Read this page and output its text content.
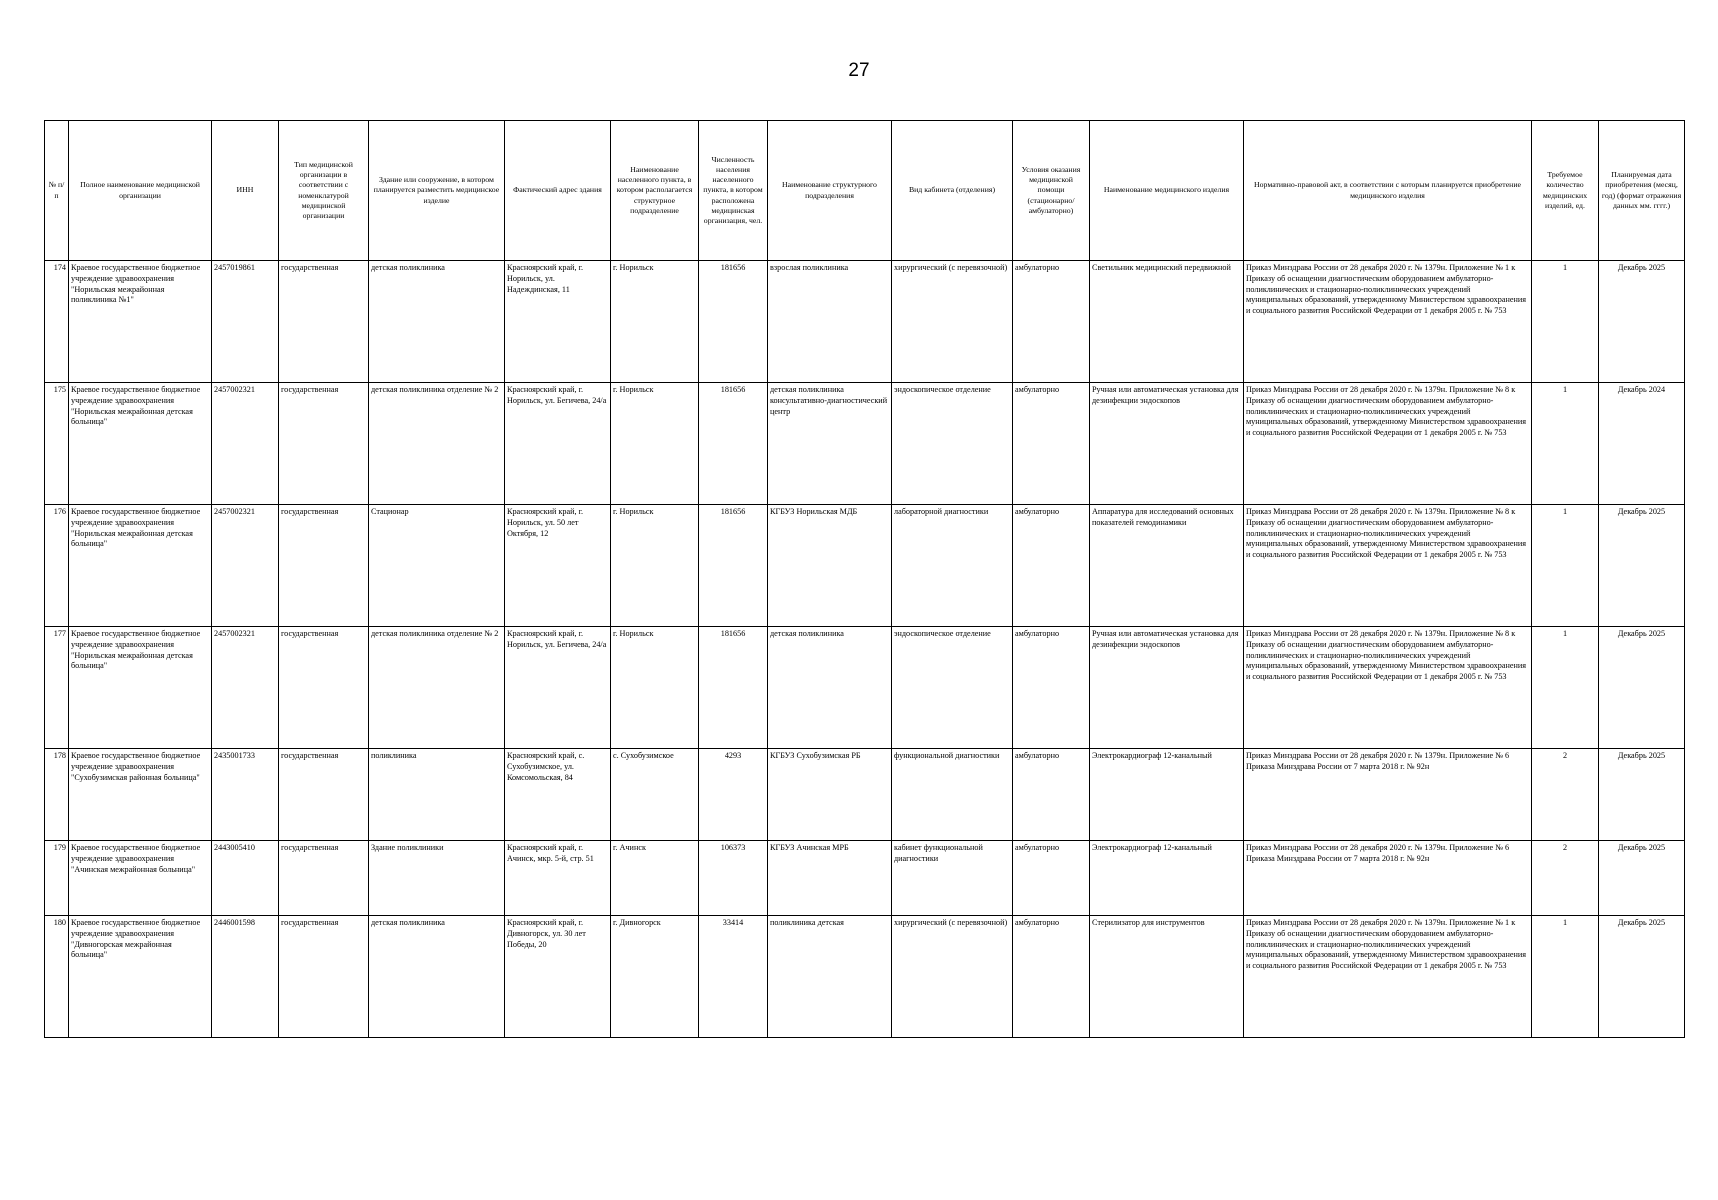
27
№ п/п	Полное наименование медицинской организации	ИНН	Тип медицинской организации в соответствии с номенклатурой медицинской организации	Здание или сооружение, в котором планируется разместить медицинское изделие	Фактический адрес здания	Наименование населенного пункта, в котором располагается структурное подразделение	Численность населения населенного пункта, в котором расположена медицинская организация, чел.	Наименование структурного подразделения	Вид кабинета (отделения)	Условия оказания медицинской помощи (стационарно/ амбулаторно)	Наименование медицинского изделия	Нормативно-правовой акт, в соответствии с которым планируется приобретение медицинского изделия	Требуемое количество медицинских изделий, ед.	Планируемая дата приобретения (месяц, год) (формат отражения данных мм. гггг.)
174	Краевое государственное бюджетное учреждение здравоохранения "Норильская межрайонная поликлиника №1"	2457019861	государственная	детская поликлиника	Красноярский край, г. Норильск, ул. Надеждинская, 11	г. Норильск	181656	взрослая поликлиника	хирургический (с перевязочной)	амбулаторно	Светильник медицинский передвижной	Приказ Минздрава России от 28 декабря 2020 г. № 1379н. Приложение № 1 к Приказу об оснащении диагностическим оборудованием амбулаторно-поликлинических и стационарно-поликлинических учреждений муниципальных образований, утвержденному Министерством здравоохранения и социального развития Российской Федерации от 1 декабря 2005 г. № 753	1	Декабрь 2025
175	Краевое государственное бюджетное учреждение здравоохранения "Норильская межрайонная детская больница"	2457002321	государственная	детская поликлиника отделение № 2	Красноярский край, г. Норильск, ул. Бегичева, 24/а	г. Норильск	181656	детская поликлиника консультативно-диагностический центр	эндоскопическое отделение	амбулаторно	Ручная или автоматическая установка для дезинфекции эндоскопов	Приказ Минздрава России от 28 декабря 2020 г. № 1379н. Приложение № 8 к Приказу об оснащении диагностическим оборудованием амбулаторно-поликлинических и стационарно-поликлинических учреждений муниципальных образований, утвержденному Министерством здравоохранения и социального развития Российской Федерации от 1 декабря 2005 г. № 753	1	Декабрь 2024
176	Краевое государственное бюджетное учреждение здравоохранения "Норильская межрайонная детская больница"	2457002321	государственная	Стационар	Красноярский край, г. Норильск, ул. 50 лет Октября, 12	г. Норильск	181656	КГБУЗ Норильская МДБ	лабораторной диагностики	амбулаторно	Аппаратура для исследований основных показателей гемодинамики	Приказ Минздрава России от 28 декабря 2020 г. № 1379н. Приложение № 8 к Приказу об оснащении диагностическим оборудованием амбулаторно-поликлинических и стационарно-поликлинических учреждений муниципальных образований, утвержденному Министерством здравоохранения и социального развития Российской Федерации от 1 декабря 2005 г. № 753	1	Декабрь 2025
177	Краевое государственное бюджетное учреждение здравоохранения "Норильская межрайонная детская больница"	2457002321	государственная	детская поликлиника отделение № 2	Красноярский край, г. Норильск, ул. Бегичева, 24/а	г. Норильск	181656	детская поликлиника	эндоскопическое отделение	амбулаторно	Ручная или автоматическая установка для дезинфекции эндоскопов	Приказ Минздрава России от 28 декабря 2020 г. № 1379н. Приложение № 8 к Приказу об оснащении диагностическим оборудованием амбулаторно-поликлинических и стационарно-поликлинических учреждений муниципальных образований, утвержденному Министерством здравоохранения и социального развития Российской Федерации от 1 декабря 2005 г. № 753	1	Декабрь 2025
178	Краевое государственное бюджетное учреждение здравоохранения "Сухобузимская районная больница"	2435001733	государственная	поликлиника	Красноярский край, с. Сухобузимское, ул. Комсомольская, 84	с. Сухобузимское	4293	КГБУЗ Сухобузимская РБ	функциональной диагностики	амбулаторно	Электрокардиограф 12-канальный	Приказ Минздрава России от 28 декабря 2020 г. № 1379н. Приложение № 6 Приказа Минздрава России от 7 марта 2018 г. № 92н	2	Декабрь 2025
179	Краевое государственное бюджетное учреждение здравоохранения "Ачинская межрайонная больница"	2443005410	государственная	Здание поликлиники	Красноярский край, г. Ачинск, мкр. 5-й, стр. 51	г. Ачинск	106373	КГБУЗ Ачинская МРБ	кабинет функциональной диагностики	амбулаторно	Электрокардиограф 12-канальный	Приказ Минздрава России от 28 декабря 2020 г. № 1379н. Приложение № 6 Приказа Минздрава России от 7 марта 2018 г. № 92н	2	Декабрь 2025
180	Краевое государственное бюджетное учреждение здравоохранения "Дивногорская межрайонная больница"	2446001598	государственная	детская поликлиника	Красноярский край, г. Дивногорск, ул. 30 лет Победы, 20	г. Дивногорск	33414	поликлиника детская	хирургический (с перевязочной)	амбулаторно	Стерилизатор для инструментов	Приказ Минздрава России от 28 декабря 2020 г. № 1379н. Приложение № 1 к Приказу об оснащении диагностическим оборудованием амбулаторно-поликлинических и стационарно-поликлинических учреждений муниципальных образований, утвержденному Министерством здравоохранения и социального развития Российской Федерации от 1 декабря 2005 г. № 753	1	Декабрь 2025
